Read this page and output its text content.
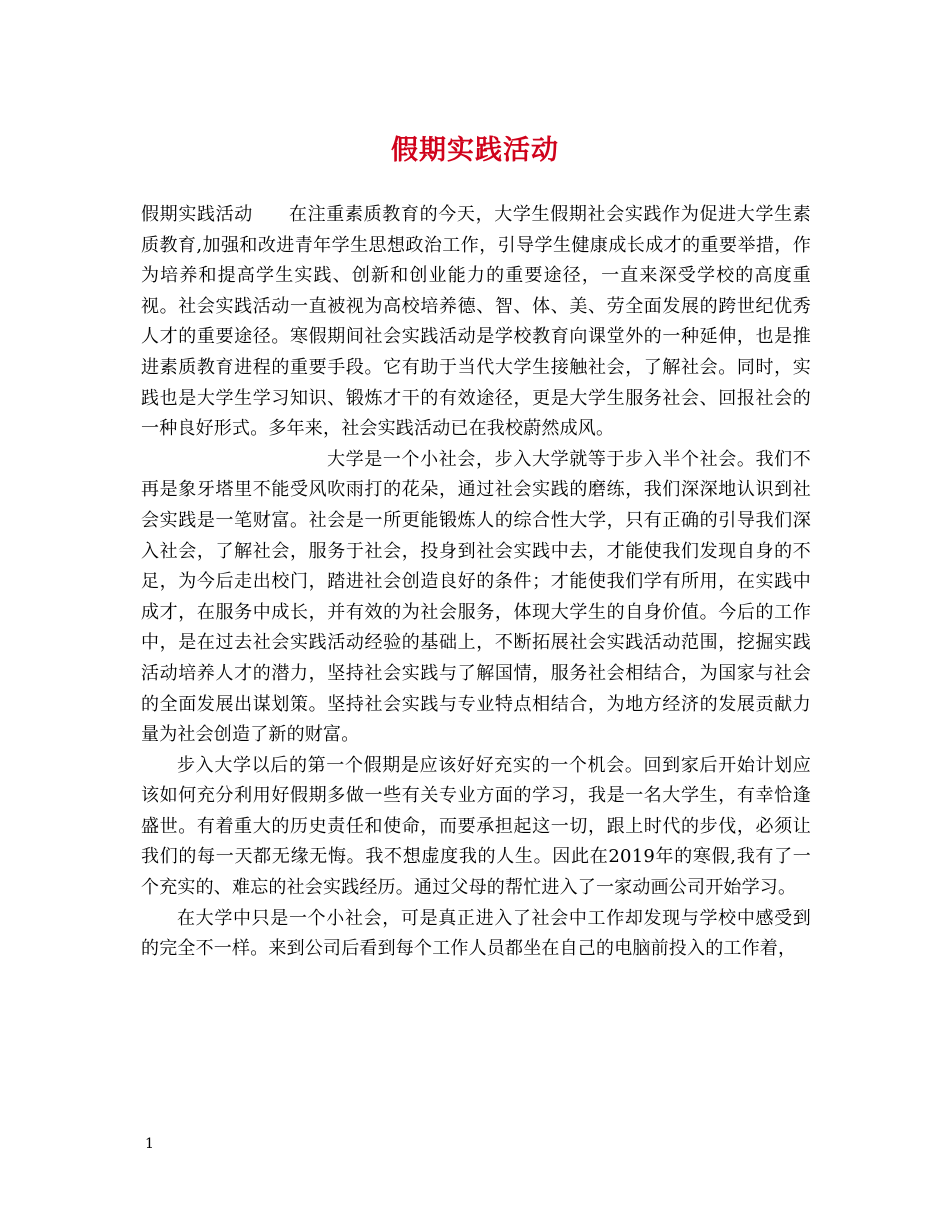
假期实践活动

假期实践活动 在注重素质教育的今天，大学生假期社会实践作为促进大学生素质教育,加强和改进青年学生思想政治工作，引导学生健康成长成才的重要举措，作为培养和提高学生实践、创新和创业能力的重要途径，一直来深受学校的高度重视。社会实践活动一直被视为高校培养德、智、体、美、劳全面发展的跨世纪优秀人才的重要途径。寒假期间社会实践活动是学校教育向课堂外的一种延伸，也是推进素质教育进程的重要手段。它有助于当代大学生接触社会，了解社会。同时，实践也是大学生学习知识、锻炼才干的有效途径，更是大学生服务社会、回报社会的一种良好形式。多年来，社会实践活动已在我校蔚然成风。

大学是一个小社会，步入大学就等于步入半个社会。我们不再是象牙塔里不能受风吹雨打的花朵，通过社会实践的磨练，我们深深地认识到社会实践是一笔财富。社会是一所更能锻炼人的综合性大学，只有正确的引导我们深入社会，了解社会，服务于社会，投身到社会实践中去，才能使我们发现自身的不足，为今后走出校门，踏进社会创造良好的条件；才能使我们学有所用，在实践中成才，在服务中成长，并有效的为社会服务，体现大学生的自身价值。今后的工作中，是在过去社会实践活动经验的基础上，不断拓展社会实践活动范围，挖掘实践活动培养人才的潜力，坚持社会实践与了解国情，服务社会相结合，为国家与社会的全面发展出谋划策。坚持社会实践与专业特点相结合，为地方经济的发展贡献力量为社会创造了新的财富。

步入大学以后的第一个假期是应该好好充实的一个机会。回到家后开始计划应该如何充分利用好假期多做一些有关专业方面的学习，我是一名大学生，有幸恰逢盛世。有着重大的历史责任和使命，而要承担起这一切，跟上时代的步伐，必须让我们的每一天都无缘无悔。我不想虚度我的人生。因此在2019年的寒假,我有了一个充实的、难忘的社会实践经历。通过父母的帮忙进入了一家动画公司开始学习。

在大学中只是一个小社会，可是真正进入了社会中工作却发现与学校中感受到的完全不一样。来到公司后看到每个工作人员都坐在自己的电脑前投入的工作着，

1
